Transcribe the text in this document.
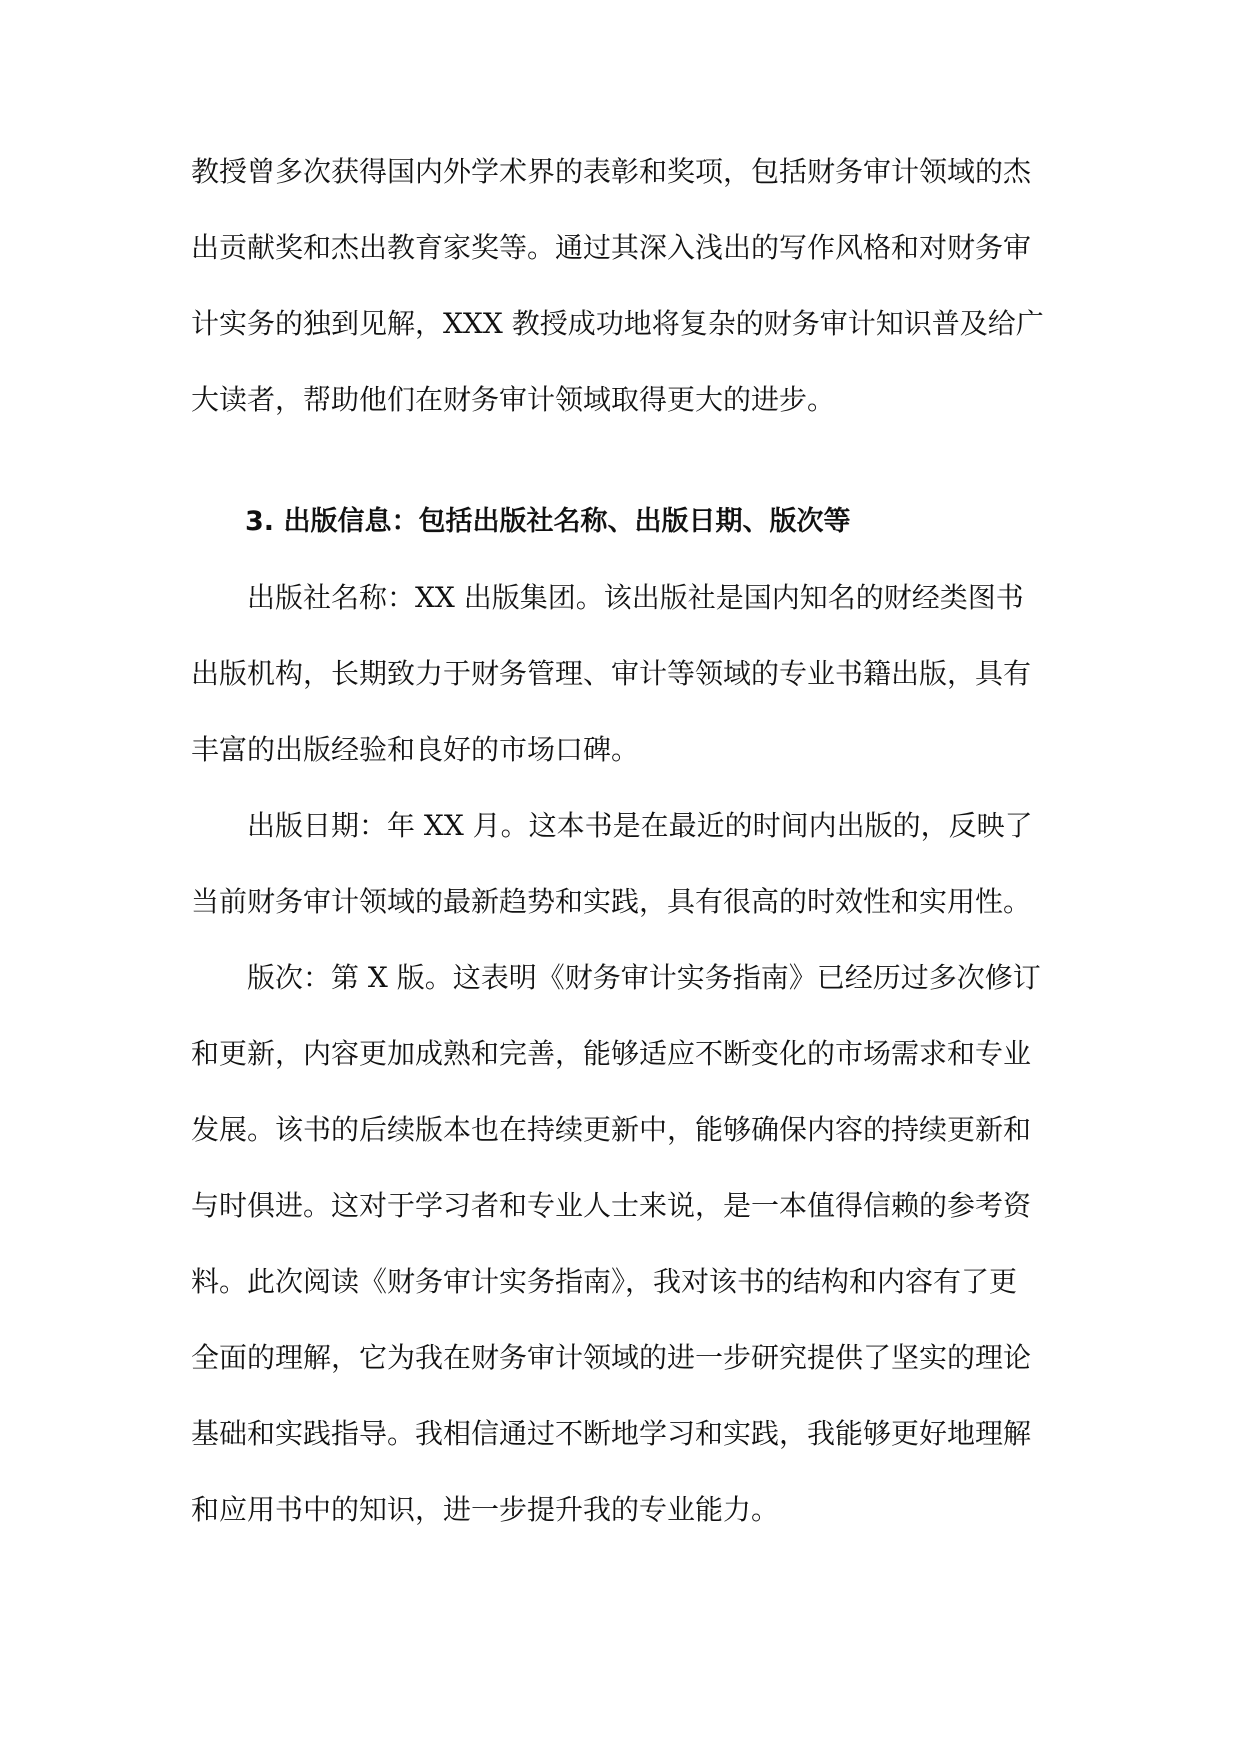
教授曾多次获得国内外学术界的表彰和奖项，包括财务审计领域的杰
出贡献奖和杰出教育家奖等。通过其深入浅出的写作风格和对财务审
计实务的独到见解，XXX 教授成功地将复杂的财务审计知识普及给广
大读者，帮助他们在财务审计领域取得更大的进步。
3. 出版信息：包括出版社名称、出版日期、版次等
出版社名称：XX 出版集团。该出版社是国内知名的财经类图书
出版机构，长期致力于财务管理、审计等领域的专业书籍出版，具有
丰富的出版经验和良好的市场口碑。
出版日期：年 XX 月。这本书是在最近的时间内出版的，反映了
当前财务审计领域的最新趋势和实践，具有很高的时效性和实用性。
版次：第 X 版。这表明《财务审计实务指南》已经历过多次修订
和更新，内容更加成熟和完善，能够适应不断变化的市场需求和专业
发展。该书的后续版本也在持续更新中，能够确保内容的持续更新和
与时俱进。这对于学习者和专业人士来说，是一本值得信赖的参考资
料。此次阅读《财务审计实务指南》，我对该书的结构和内容有了更
全面的理解，它为我在财务审计领域的进一步研究提供了坚实的理论
基础和实践指导。我相信通过不断地学习和实践，我能够更好地理解
和应用书中的知识，进一步提升我的专业能力。
